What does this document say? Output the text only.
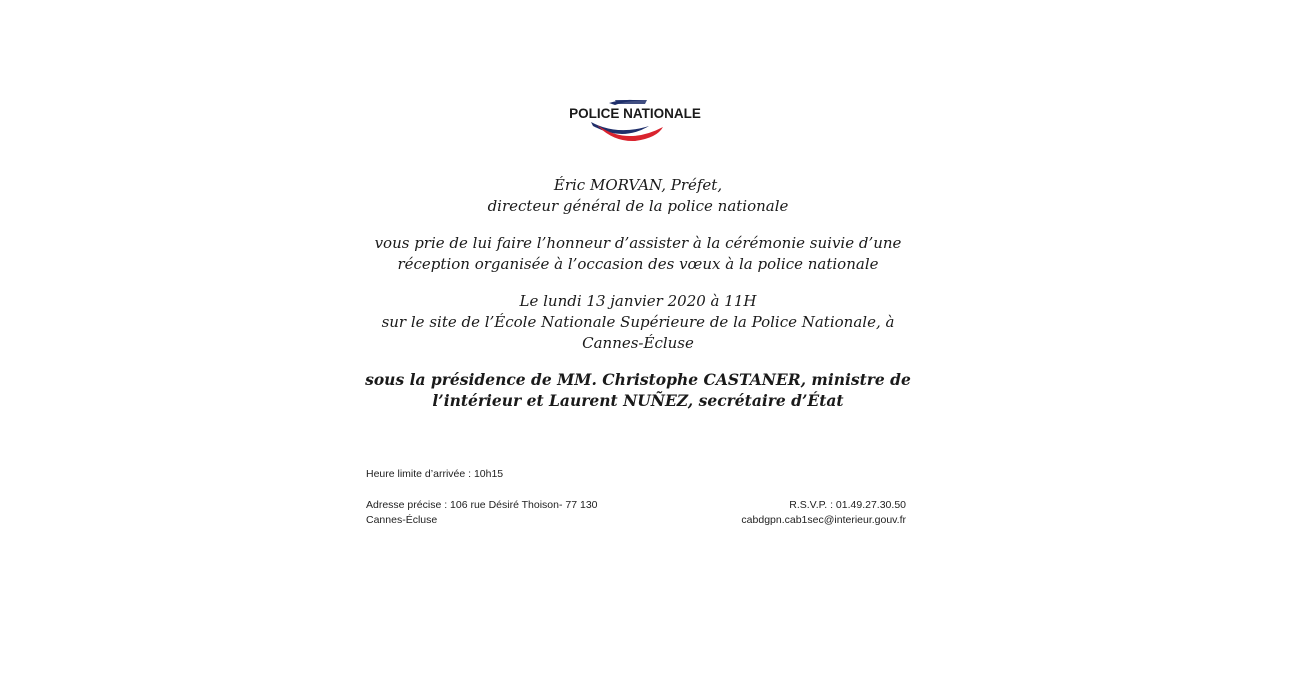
POLICE NATIONALE
Éric MORVAN, Préfet,
directeur général de la police nationale
vous prie de lui faire l’honneur d’assister à la cérémonie suivie d’une
réception organisée à l’occasion des vœux à la police nationale
Le lundi 13 janvier 2020 à 11H
sur le site de l’École Nationale Supérieure de la Police Nationale, à
Cannes-Écluse
sous la présidence de MM. Christophe CASTANER, ministre de
l’intérieur et Laurent NUÑEZ, secrétaire d’État
Heure limite d’arrivée : 10h15
Adresse précise : 106 rue Désiré Thoison- 77 130
Cannes-Écluse
R.S.V.P. : 01.49.27.30.50
cabdgpn.cab1sec@interieur.gouv.fr
